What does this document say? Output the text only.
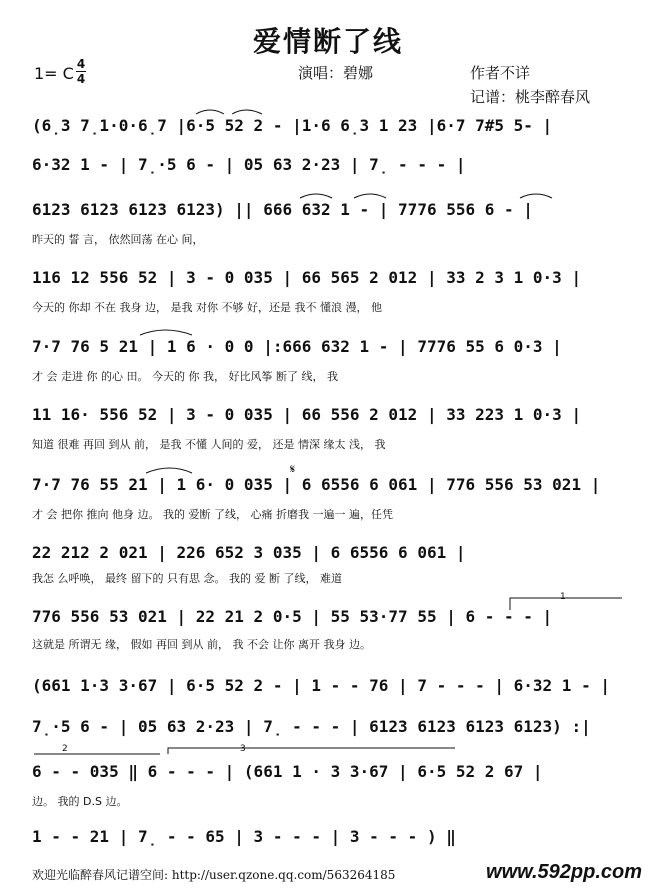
爱情断了线
演唱：碧娜	作者不详
记谱：桃李醉春风
1= C 4
4
(6̣3 7̣1·0·6̣7 |6·5 52 2 - |1·6 6̣3 1 23 |6·7 7#5 5- |
6·32 1 - | 7̣·5 6 - | 05 63 2·23 | 7̣ - - - |
6123 6123 6123 6123) || 666 632 1 - | 7776 556 6 - |
昨天的 誓 言， 依然回荡 在心 间，
116 12 556 52 | 3 - 0 035 | 66 565 2 012 | 33 2 3 1 0·3 |
今天的 你却 不在 我身 边， 是我 对你 不够 好，还是 我不 懂浪 漫， 他
7·7 76 5 21 | 1 6 · 0 0 |:666 632 1 - | 7776 55 6 0·3 |
才 会 走进 你 的心 田。 今天的 你 我， 好比风筝 断了 线， 我
11 16· 556 52 | 3 - 0 035 | 66 556 2 012 | 33 223 1 0·3 |
知道 很难 再回 到从 前， 是我 不懂 人间的 爱， 还是 情深 缘太 浅， 我
𝄋
7·7 76 55 21 | 1 6· 0 035 | 6 6556 6 061 | 776 556 53 021 |
才 会 把你 推向 他身 边。 我的 爱断 了线， 心痛 折磨我 一遍一 遍，任凭
22 212 2 021 | 226 652 3 035 | 6 6556 6 061 |
我怎 么呼唤， 最终 留下的 只有思 念。 我的 爱 断 了线， 难道
1
776 556 53 021 | 22 21 2 0·5 | 55 53·77 55 | 6 - - - |
这就是 所谓无 缘， 假如 再回 到从 前， 我 不会 让你 离开 我身 边。
(661 1·3 3·67 | 6·5 52 2 - | 1 - - 76 | 7 - - - | 6·32 1 - |
7̣·5 6 - | 05 63 2·23 | 7̣ - - - | 6123 6123 6123 6123) :|
2	3
6 - - 035 ‖ 6 - - - | (661 1 · 3 3·67 | 6·5 52 2 67 |
边。 我的 D.S 边。
1 - - 21 | 7̣ - - 65 | 3 - - - | 3 - - - ) ‖
欢迎光临醉春风记谱空间: http://user.qzone.qq.com/563264185	www.592pp.com
